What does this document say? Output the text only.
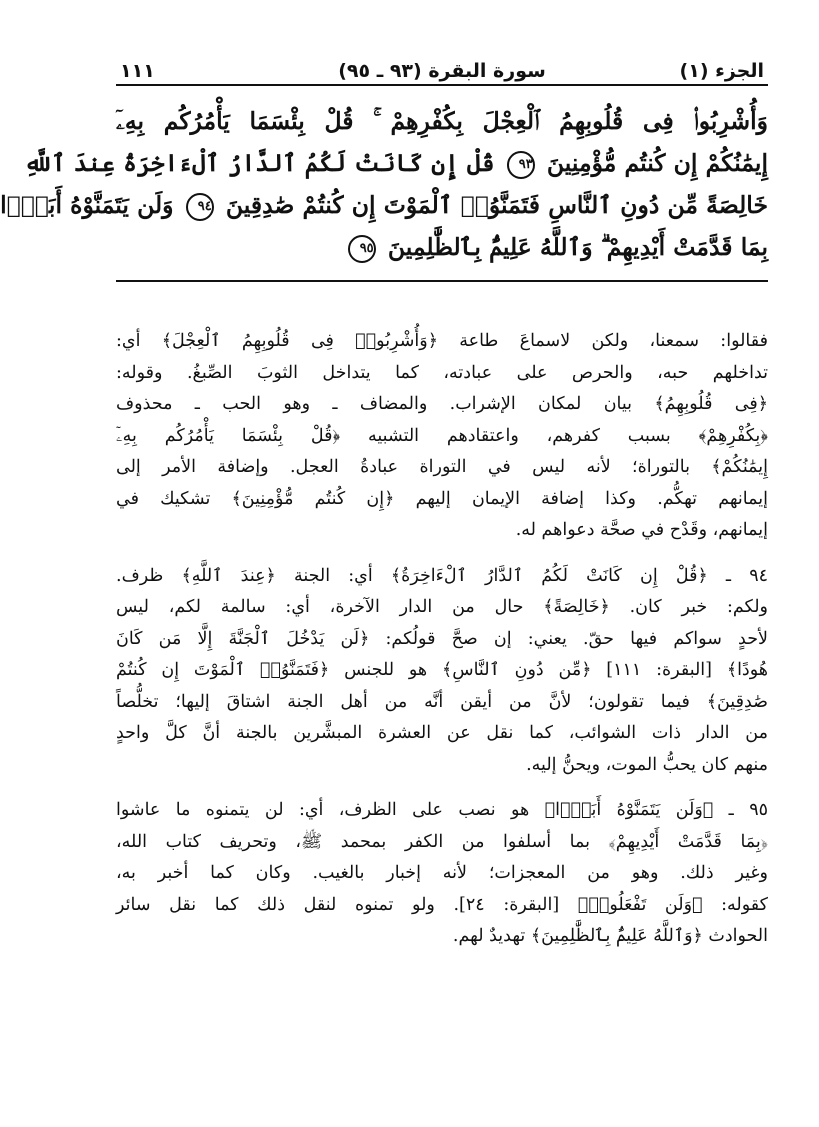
الجزء (١)
سورة البقرة (٩٣ ـ ٩٥)
١١١
وَأُشْرِبُوا۟ فِى قُلُوبِهِمُ ٱلْعِجْلَ بِكُفْرِهِمْ ۚ قُلْ بِئْسَمَا يَأْمُرُكُم بِهِۦٓ
إِيمَٰنُكُمْ إِن كُنتُم مُّؤْمِنِينَ ٩٣ قُلْ إِن كَانَتْ لَكُمُ ٱلدَّارُ ٱلْءَاخِرَةُ عِندَ ٱللَّهِ
خَالِصَةً مِّن دُونِ ٱلنَّاسِ فَتَمَنَّوُا۟ ٱلْمَوْتَ إِن كُنتُمْ صَٰدِقِينَ ٩٤ وَلَن يَتَمَنَّوْهُ أَبَدًۢا
بِمَا قَدَّمَتْ أَيْدِيهِمْ ۗ وَٱللَّهُ عَلِيمٌۢ بِٱلظَّٰلِمِينَ ٩٥
فقالوا: سمعنا، ولكن لاسماعَ طاعة ﴿وَأُشْرِبُوا۟ فِى قُلُوبِهِمُ ٱلْعِجْلَ﴾ أي:
تداخلهم حبه، والحرص على عبادته، كما يتداخل الثوبَ الصِّبغُ. وقوله:
﴿فِى قُلُوبِهِمُ﴾ بيان لمكان الإشراب. والمضاف ـ وهو الحب ـ محذوف
﴿بِكُفْرِهِمْ﴾ بسبب كفرهم، واعتقادهم التشبيه ﴿قُلْ بِئْسَمَا يَأْمُرُكُم بِهِۦٓ
إِيمَٰنُكُمْ﴾ بالتوراة؛ لأنه ليس في التوراة عبادةُ العجل. وإضافة الأمر إلى
إيمانهم تهكُّم. وكذا إضافة الإيمان إليهم ﴿إِن كُنتُم مُّؤْمِنِينَ﴾ تشكيك في
إيمانهم، وقَدْح في صحَّة دعواهم له.
٩٤ ـ ﴿قُلْ إِن كَانَتْ لَكُمُ ٱلدَّارُ ٱلْءَاخِرَةُ﴾ أي: الجنة ﴿عِندَ ٱللَّهِ﴾ ظرف.
ولكم: خبر كان. ﴿خَالِصَةً﴾ حال من الدار الآخرة، أي: سالمة لكم، ليس
لأحدٍ سواكم فيها حقّ. يعني: إن صحَّ قولُكم: ﴿لَن يَدْخُلَ ٱلْجَنَّةَ إِلَّا مَن كَانَ
هُودًا﴾ [البقرة: ١١١] ﴿مِّن دُونِ ٱلنَّاسِ﴾ هو للجنس ﴿فَتَمَنَّوُا۟ ٱلْمَوْتَ إِن كُنتُمْ
صَٰدِقِينَ﴾ فيما تقولون؛ لأنَّ من أيقن أنَّه من أهل الجنة اشتاقَ إليها؛ تخلُّصاً
من الدار ذات الشوائب، كما نقل عن العشرة المبشَّرين بالجنة أنَّ كلَّ واحدٍ
منهم كان يحبُّ الموت، ويحنُّ إليه.
٩٥ ـ ﴿وَلَن يَتَمَنَّوْهُ أَبَدًۢا﴾ هو نصب على الظرف، أي: لن يتمنوه ما عاشوا
﴿بِمَا قَدَّمَتْ أَيْدِيهِمْ﴾ بما أسلفوا من الكفر بمحمد ﷺ، وتحريف كتاب الله،
وغير ذلك. وهو من المعجزات؛ لأنه إخبار بالغيب. وكان كما أخبر به،
كقوله: ﴿وَلَن تَفْعَلُوا۟﴾ [البقرة: ٢٤]. ولو تمنوه لنقل ذلك كما نقل سائر
الحوادث ﴿وَٱللَّهُ عَلِيمٌۢ بِٱلظَّٰلِمِينَ﴾ تهديدٌ لهم.
